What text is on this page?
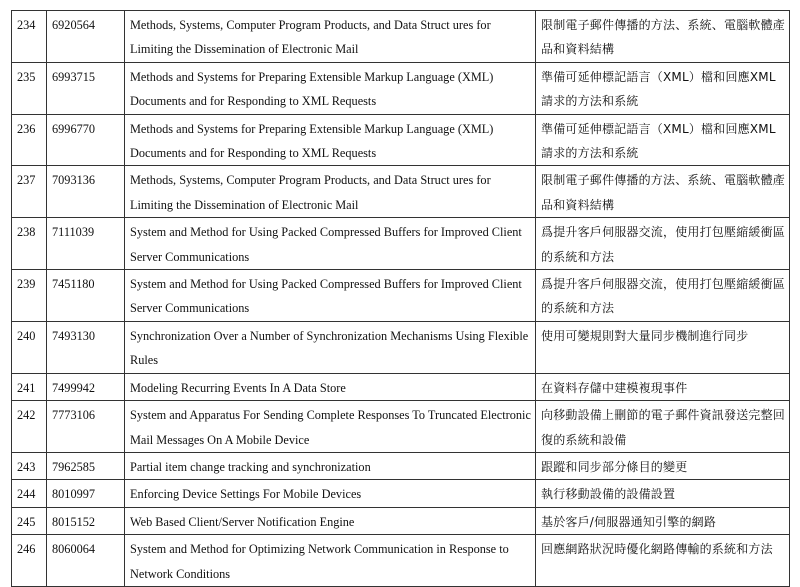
234	6920564	Methods, Systems, Computer Program Products, and Data Struct ures for Limiting the Dissemination of Electronic Mail	限制電子郵件傳播的方法、系統、電腦軟體產品和資料結構
235	6993715	Methods and Systems for Preparing Extensible Markup Language (XML) Documents and for Responding to XML Requests	準備可延伸標記語言（XML）檔和回應XML 請求的方法和系統
236	6996770	Methods and Systems for Preparing Extensible Markup Language (XML) Documents and for Responding to XML Requests	準備可延伸標記語言（XML）檔和回應XML 請求的方法和系統
237	7093136	Methods, Systems, Computer Program Products, and Data Struct ures for Limiting the Dissemination of Electronic Mail	限制電子郵件傳播的方法、系統、電腦軟體產品和資料結構
238	7111039	System and Method for Using Packed Compressed Buffers for Improved Client Server Communications	爲提升客戶伺服器交流，使用打包壓縮緩衝區的系統和方法
239	7451180	System and Method for Using Packed Compressed Buffers for Improved Client Server Communications	爲提升客戶伺服器交流，使用打包壓縮緩衝區的系統和方法
240	7493130	Synchronization Over a Number of Synchronization Mechanisms Using Flexible Rules	使用可變規則對大量同步機制進行同步
241	7499942	Modeling Recurring Events In A Data Store	在資料存儲中建模複現事件
242	7773106	System and Apparatus For Sending Complete Responses To Truncated Electronic Mail Messages On A Mobile Device	向移動設備上刪節的電子郵件資訊發送完整回復的系統和設備
243	7962585	Partial item change tracking and synchronization	跟蹤和同步部分條目的變更
244	8010997	Enforcing Device Settings For Mobile Devices	執行移動設備的設備設置
245	8015152	Web Based Client/Server Notification Engine	基於客戶/伺服器通知引擎的網路
246	8060064	System and Method for Optimizing Network Communication in Response to Network Conditions	回應網路狀況時優化網路傳輸的系統和方法
